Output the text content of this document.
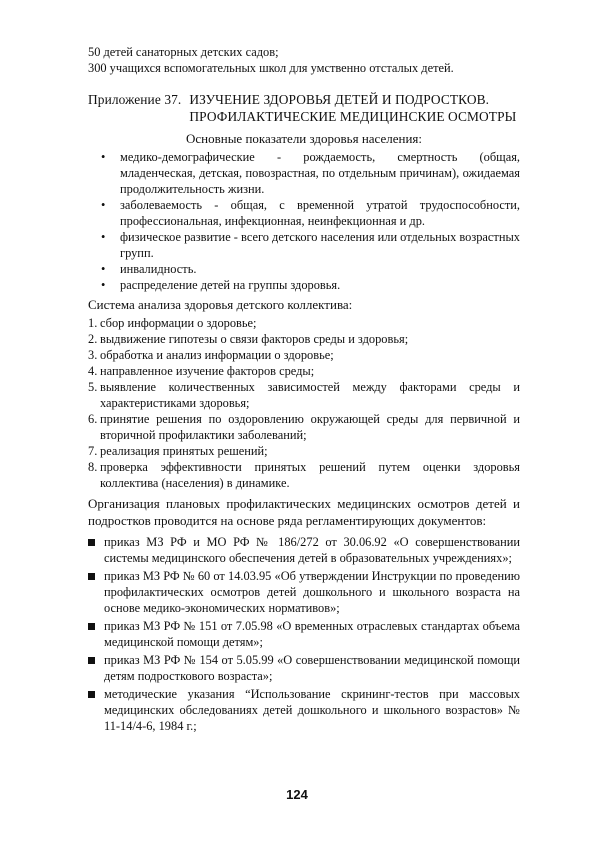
50 детей санаторных детских садов;

300 учащихся вспомогательных школ для умственно отсталых детей.

Приложение 37. ИЗУЧЕНИЕ ЗДОРОВЬЯ ДЕТЕЙ И ПОДРОСТКОВ.
ПРОФИЛАКТИЧЕСКИЕ МЕДИЦИНСКИЕ ОСМОТРЫ

Основные показатели здоровья населения:

• медико-демографические - рождаемость, смертность (общая, младенческая, детская, повозрастная, по отдельным причинам), ожидаемая продолжительность жизни.
• заболеваемость - общая, с временной утратой трудоспособности, профессиональная, инфекционная, неинфекционная и др.
• физическое развитие - всего детского населения или отдельных возрастных групп.
• инвалидность.
• распределение детей на группы здоровья.

Система анализа здоровья детского коллектива:

1. сбор информации о здоровье;
2. выдвижение гипотезы о связи факторов среды и здоровья;
3. обработка и анализ информации о здоровье;
4. направленное изучение факторов среды;
5. выявление количественных зависимостей между факторами среды и характеристиками здоровья;
6. принятие решения по оздоровлению окружающей среды для первичной и вторичной профилактики заболеваний;
7. реализация принятых решений;
8. проверка эффективности принятых решений путем оценки здоровья коллектива (населения) в динамике.

Организация плановых профилактических медицинских осмотров детей и подростков проводится на основе ряда регламентирующих документов:

приказ МЗ РФ и МО РФ № 186/272 от 30.06.92 «О совершенствовании системы медицинского обеспечения детей в образовательных учреждениях»;
приказ МЗ РФ № 60 от 14.03.95 «Об утверждении Инструкции по проведению профилактических осмотров детей дошкольного и школьного возраста на основе медико-экономических нормативов»;
приказ МЗ РФ № 151 от 7.05.98 «О временных отраслевых стандартах объема медицинской помощи детям»;
приказ МЗ РФ № 154 от 5.05.99 «О совершенствовании медицинской помощи детям подросткового возраста»;
методические указания “Использование скрининг-тестов при массовых медицинских обследованиях детей дошкольного и школьного возрастов» № 11-14/4-6, 1984 г.;
124
